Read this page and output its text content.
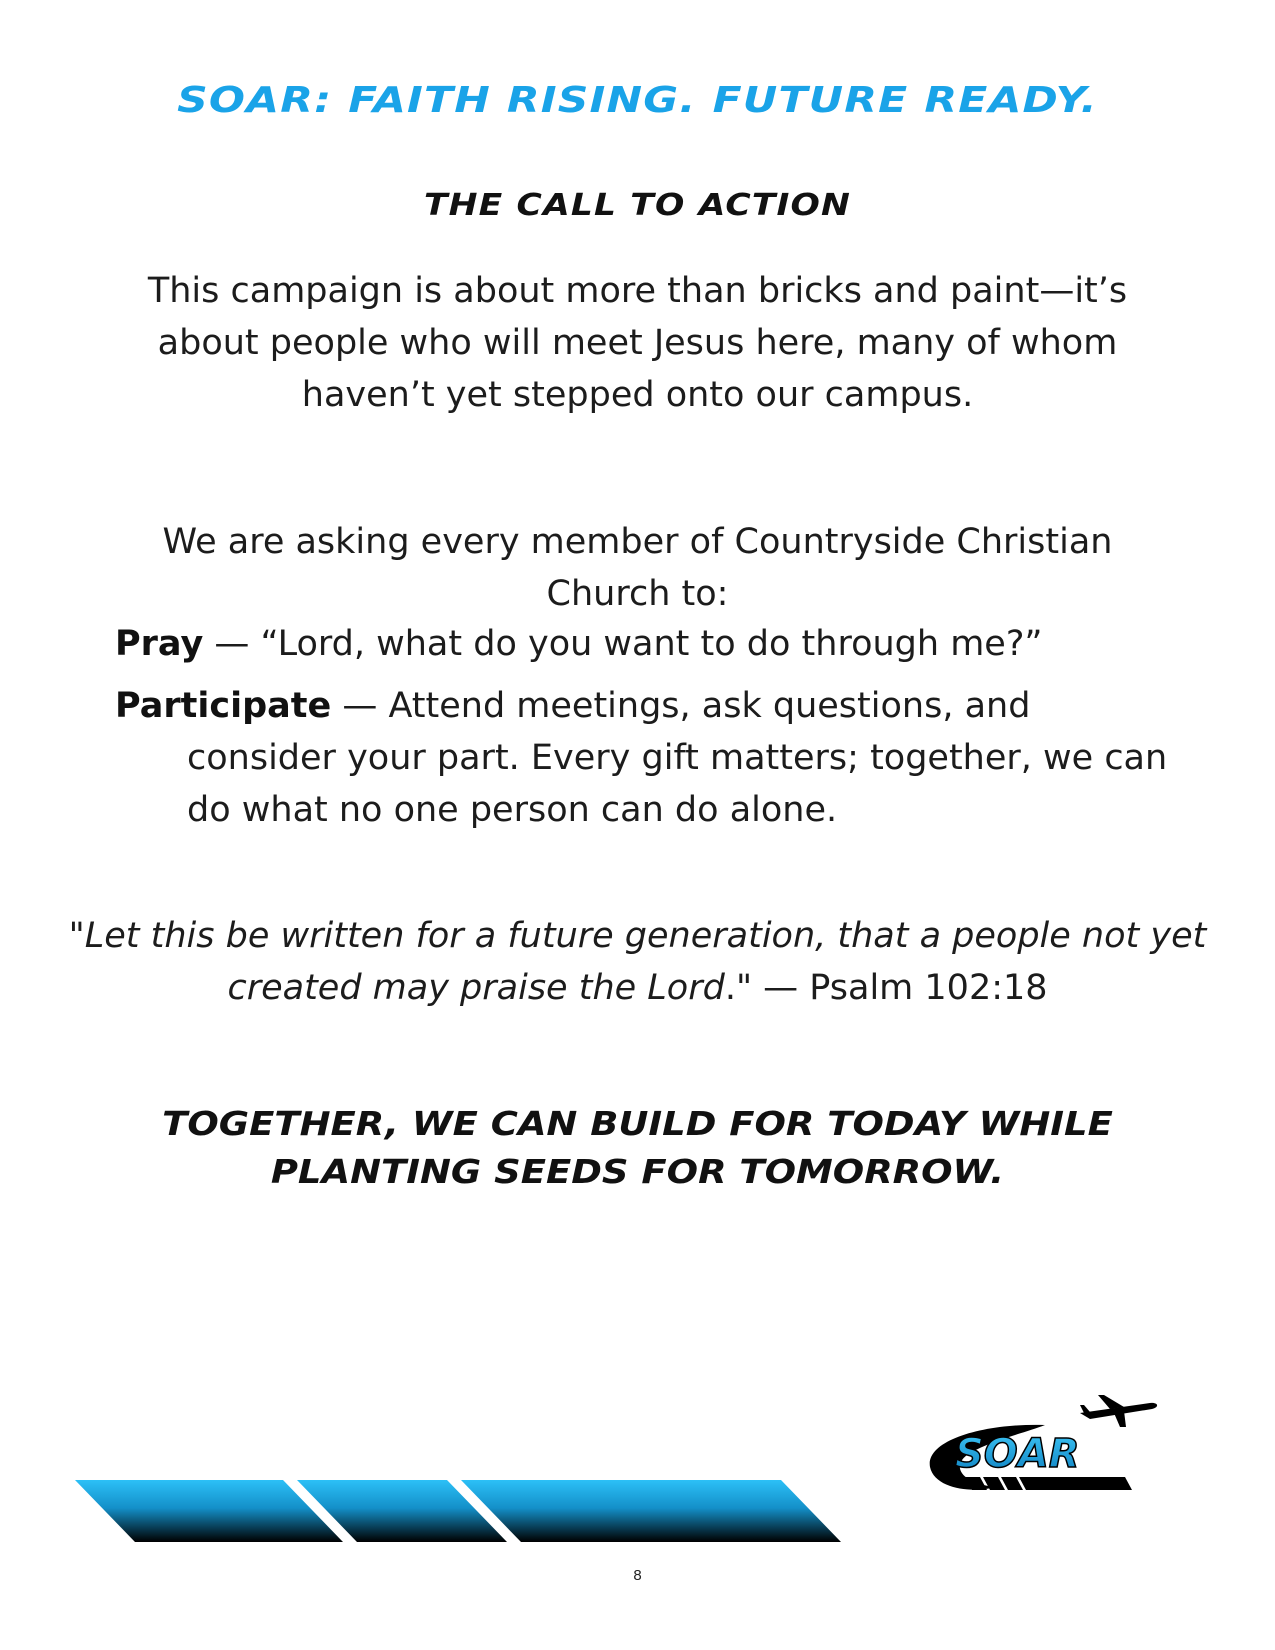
SOAR: FAITH RISING. FUTURE READY.
THE CALL TO ACTION

This campaign is about more than bricks and paint—it’s about people who will meet Jesus here, many of whom haven’t yet stepped onto our campus.

We are asking every member of Countryside Christian Church to:

Pray — “Lord, what do you want to do through me?”
Participate — Attend meetings, ask questions, and consider your part. Every gift matters; together, we can do what no one person can do alone.

"Let this be written for a future generation, that a people not yet created may praise the Lord." — Psalm 102:18

TOGETHER, WE CAN BUILD FOR TODAY WHILE
PLANTING SEEDS FOR TOMORROW.
SOAR
8
